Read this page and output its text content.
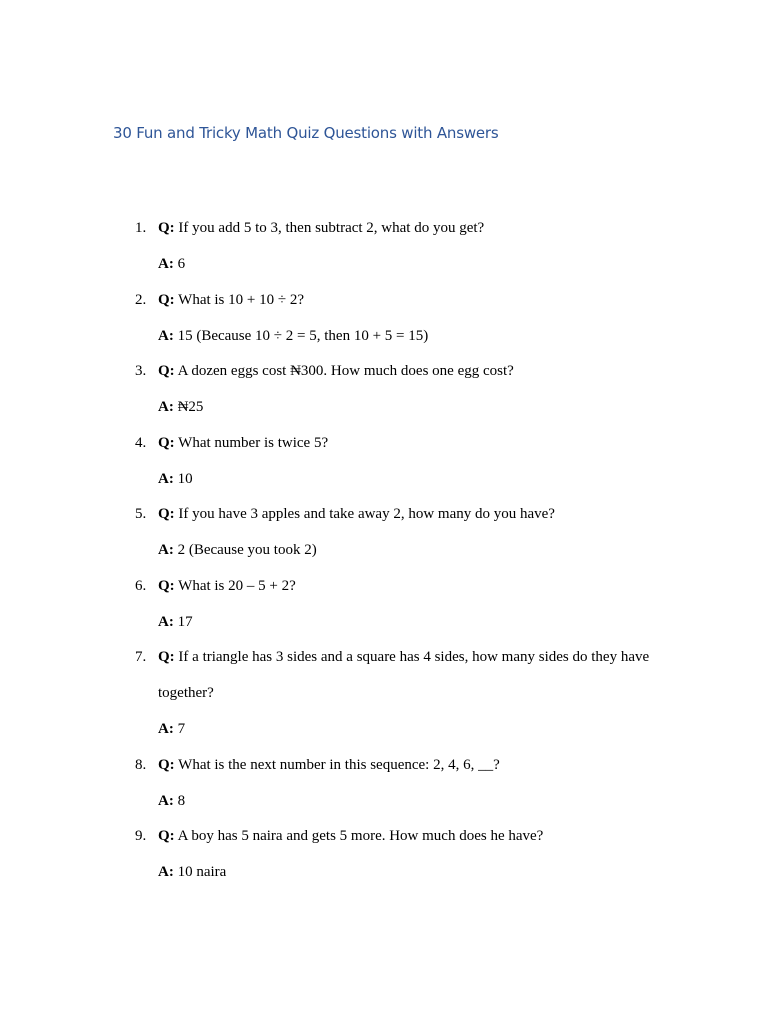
30 Fun and Tricky Math Quiz Questions with Answers
1. Q: If you add 5 to 3, then subtract 2, what do you get?

A: 6

2. Q: What is 10 + 10 ÷ 2?

A: 15 (Because 10 ÷ 2 = 5, then 10 + 5 = 15)

3. Q: A dozen eggs cost ₦300. How much does one egg cost?

A: ₦25

4. Q: What number is twice 5?

A: 10

5. Q: If you have 3 apples and take away 2, how many do you have?

A: 2 (Because you took 2)

6. Q: What is 20 – 5 + 2?

A: 17

7. Q: If a triangle has 3 sides and a square has 4 sides, how many sides do they have

together?

A: 7

8. Q: What is the next number in this sequence: 2, 4, 6, __?

A: 8

9. Q: A boy has 5 naira and gets 5 more. How much does he have?

A: 10 naira
